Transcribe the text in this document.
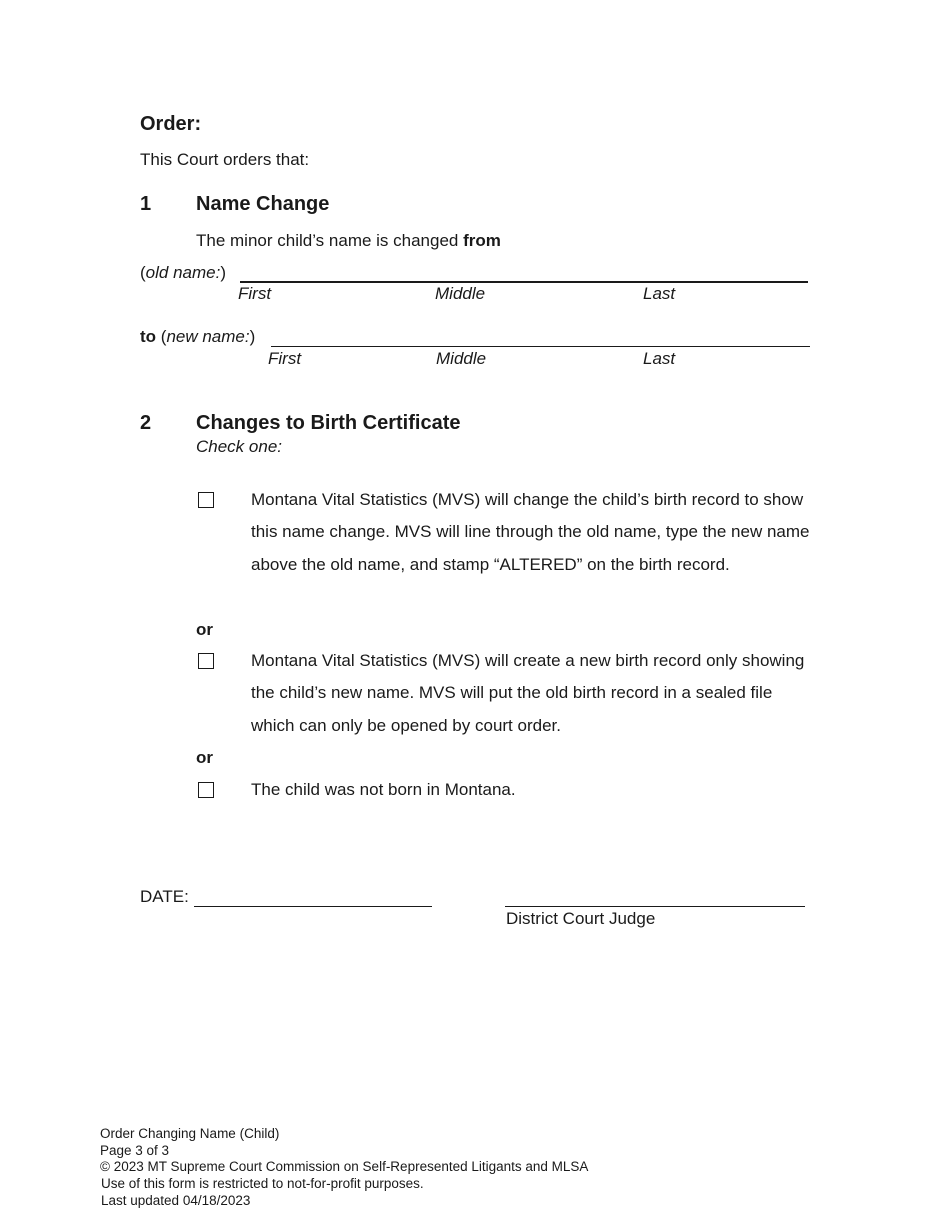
Order:
This Court orders that:
1 Name Change
The minor child’s name is changed from
(old name:)
First	Middle	Last
to (new name:)
First	Middle	Last
2 Changes to Birth Certificate
Check one:
Montana Vital Statistics (MVS) will change the child’s birth record to show this name change. MVS will line through the old name, type the new name above the old name, and stamp “ALTERED” on the birth record.
or
Montana Vital Statistics (MVS) will create a new birth record only showing the child’s new name. MVS will put the old birth record in a sealed file which can only be opened by court order.
or
The child was not born in Montana.
DATE:
District Court Judge
Order Changing Name (Child)
Page 3 of 3
© 2023 MT Supreme Court Commission on Self-Represented Litigants and MLSA
Use of this form is restricted to not-for-profit purposes.
Last updated 04/18/2023
